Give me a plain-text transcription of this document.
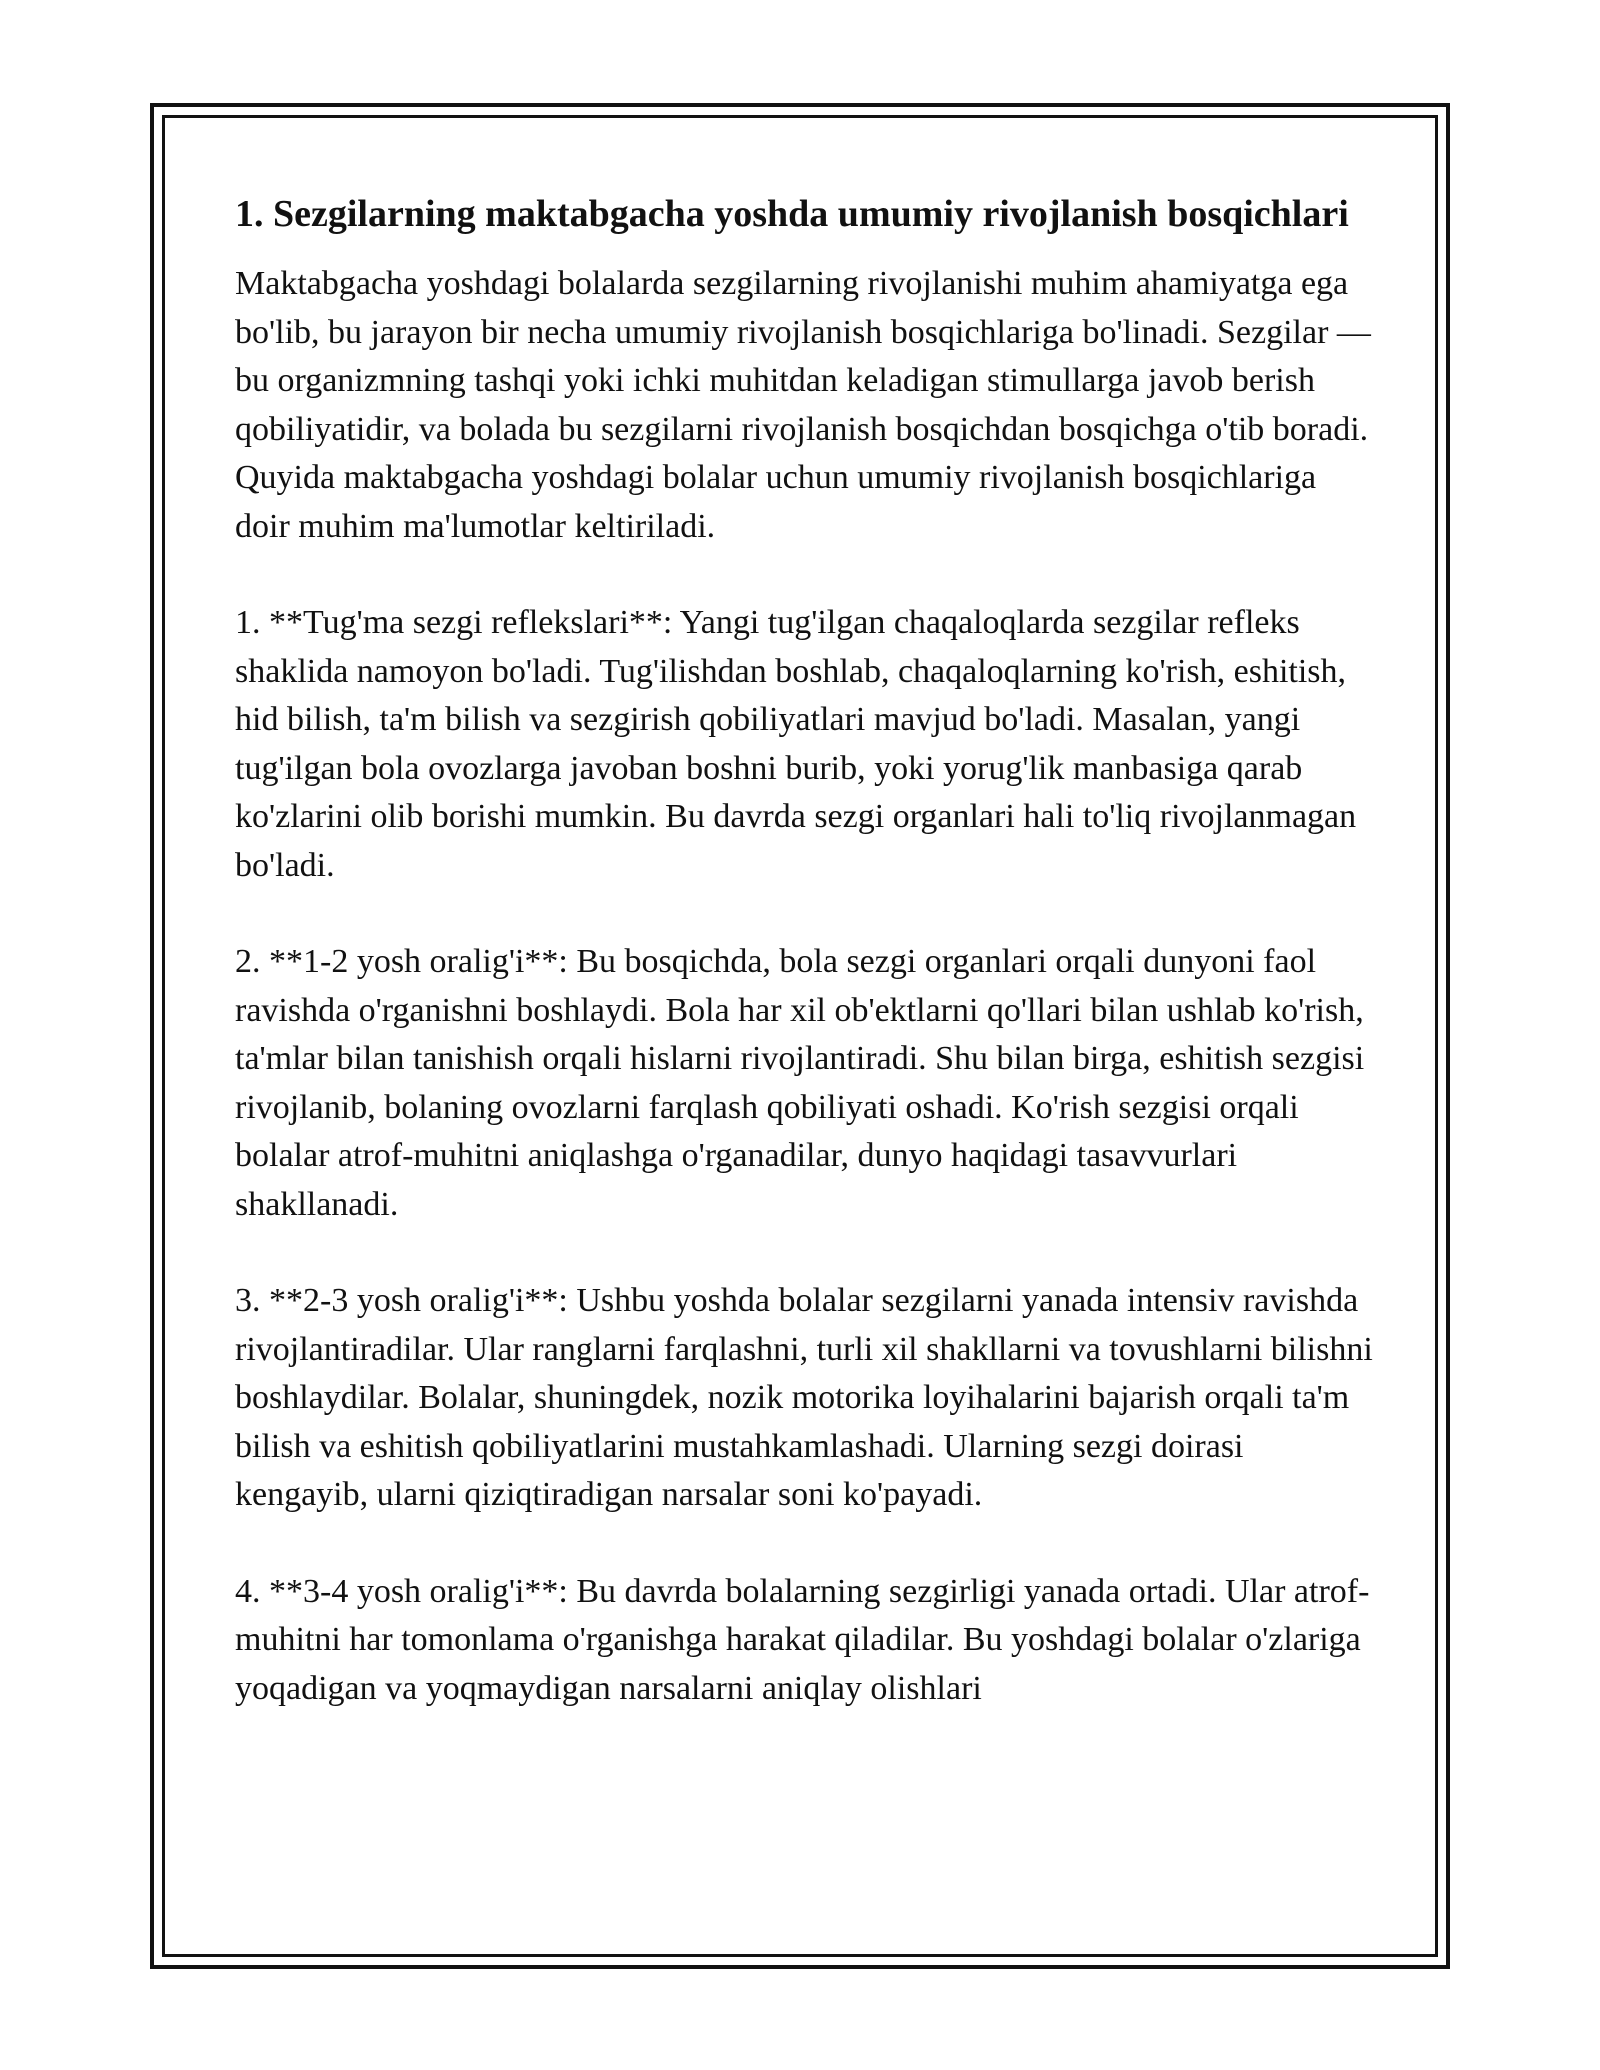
1. Sezgilarning maktabgacha yoshda umumiy rivojlanish bosqichlari

Maktabgacha yoshdagi bolalarda sezgilarning rivojlanishi muhim ahamiyatga ega bo'lib, bu jarayon bir necha umumiy rivojlanish bosqichlariga bo'linadi. Sezgilar — bu organizmning tashqi yoki ichki muhitdan keladigan stimullarga javob berish qobiliyatidir, va bolada bu sezgilarni rivojlanish bosqichdan bosqichga o'tib boradi. Quyida maktabgacha yoshdagi bolalar uchun umumiy rivojlanish bosqichlariga doir muhim ma'lumotlar keltiriladi.

1. **Tug'ma sezgi reflekslari**: Yangi tug'ilgan chaqaloqlarda sezgilar refleks shaklida namoyon bo'ladi. Tug'ilishdan boshlab, chaqaloqlarning ko'rish, eshitish, hid bilish, ta'm bilish va sezgirish qobiliyatlari mavjud bo'ladi. Masalan, yangi tug'ilgan bola ovozlarga javoban boshni burib, yoki yorug'lik manbasiga qarab ko'zlarini olib borishi mumkin. Bu davrda sezgi organlari hali to'liq rivojlanmagan bo'ladi.

2. **1-2 yosh oralig'i**: Bu bosqichda, bola sezgi organlari orqali dunyoni faol ravishda o'rganishni boshlaydi. Bola har xil ob'ektlarni qo'llari bilan ushlab ko'rish, ta'mlar bilan tanishish orqali hislarni rivojlantiradi. Shu bilan birga, eshitish sezgisi rivojlanib, bolaning ovozlarni farqlash qobiliyati oshadi. Ko'rish sezgisi orqali bolalar atrof-muhitni aniqlashga o'rganadilar, dunyo haqidagi tasavvurlari shakllanadi.

3. **2-3 yosh oralig'i**: Ushbu yoshda bolalar sezgilarni yanada intensiv ravishda rivojlantiradilar. Ular ranglarni farqlashni, turli xil shakllarni va tovushlarni bilishni boshlaydilar. Bolalar, shuningdek, nozik motorika loyihalarini bajarish orqali ta'm bilish va eshitish qobiliyatlarini mustahkamlashadi. Ularning sezgi doirasi kengayib, ularni qiziqtiradigan narsalar soni ko'payadi.

4. **3-4 yosh oralig'i**: Bu davrda bolalarning sezgirligi yanada ortadi. Ular atrof-muhitni har tomonlama o'rganishga harakat qiladilar. Bu yoshdagi bolalar o'zlariga yoqadigan va yoqmaydigan narsalarni aniqlay olishlari
